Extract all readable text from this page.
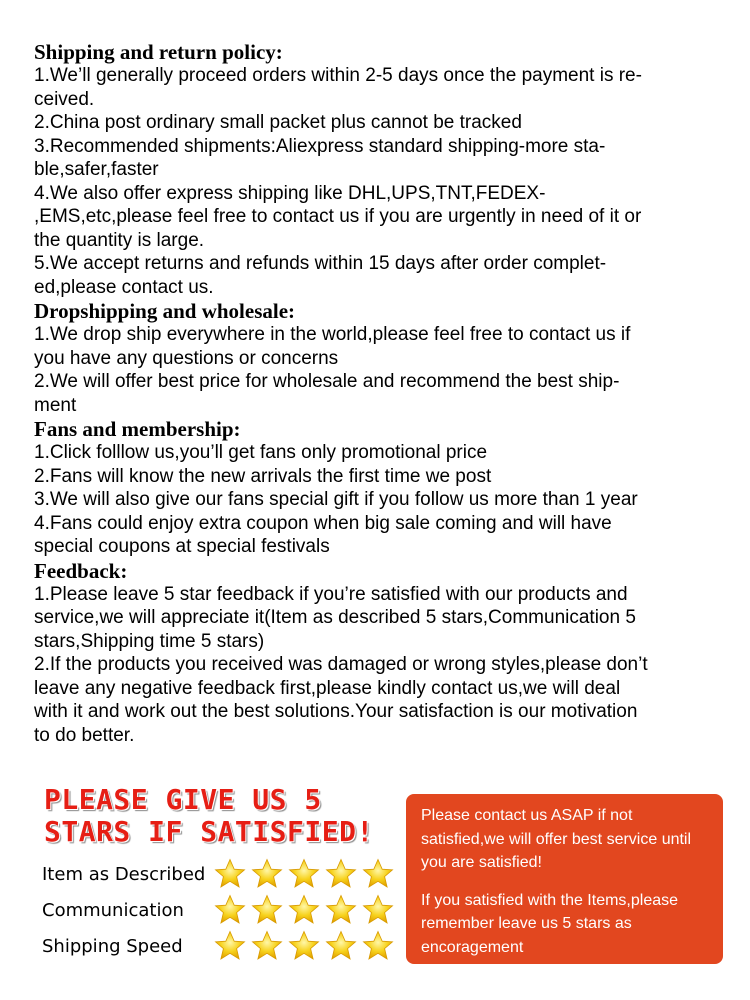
Shipping and return policy:

1.We’ll generally proceed orders within 2-5 days once the payment is re-
ceived.

2.China post ordinary small packet plus cannot be tracked

3.Recommended shipments:Aliexpress standard shipping-more sta-
ble,safer,faster

4.We also offer express shipping like DHL,UPS,TNT,FEDEX-
,EMS,etc,please feel free to contact us if you are urgently in need of it or
the quantity is large.

5.We accept returns and refunds within 15 days after order complet-
ed,please contact us.

Dropshipping and wholesale:

1.We drop ship everywhere in the world,please feel free to contact us if
you have any questions or concerns

2.We will offer best price for wholesale and recommend the best ship-
ment

Fans and membership:

1.Click folllow us,you’ll get fans only promotional price

2.Fans will know the new arrivals the first time we post

3.We will also give our fans special gift if you follow us more than 1 year

4.Fans could enjoy extra coupon when big sale coming and will have
special coupons at special festivals

Feedback:

1.Please leave 5 star feedback if you’re satisfied with our products and
service,we will appreciate it(Item as described 5 stars,Communication 5
stars,Shipping time 5 stars)

2.If the products you received was damaged or wrong styles,please don’t
leave any negative feedback first,please kindly contact us,we will deal
with it and work out the best solutions.Your satisfaction is our motivation
to do better.

PLEASE GIVE US 5
STARS IF SATISFIED!
Item as Described
Communication
Shipping Speed

Please contact us ASAP if not satisfied,we will offer best service until you are satisfied!

If you satisfied with the Items,please remember leave us 5 stars as encoragement
